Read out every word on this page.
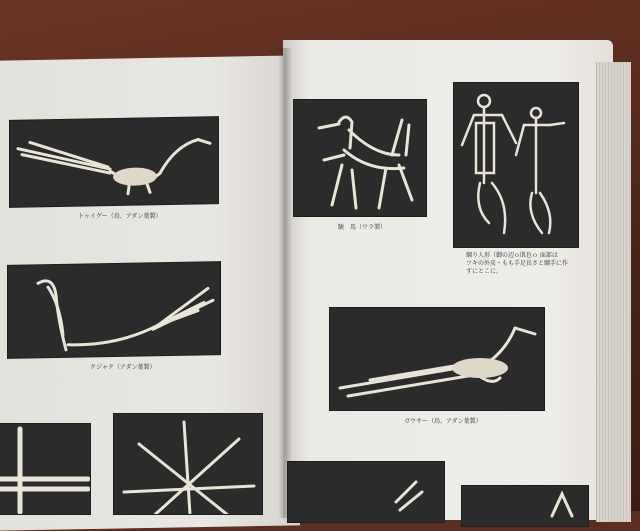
トゥイグー（鳥、アダン葉製）
クジャク（アダン葉製）
駿　馬（ワラ製）
綱り人形（御の辺ｏ肌色ｏ 面部は
ツキの外皮・もも手足長さと綱手に作
すにとこに。
ガウサー（鳥、アダン葉製）
